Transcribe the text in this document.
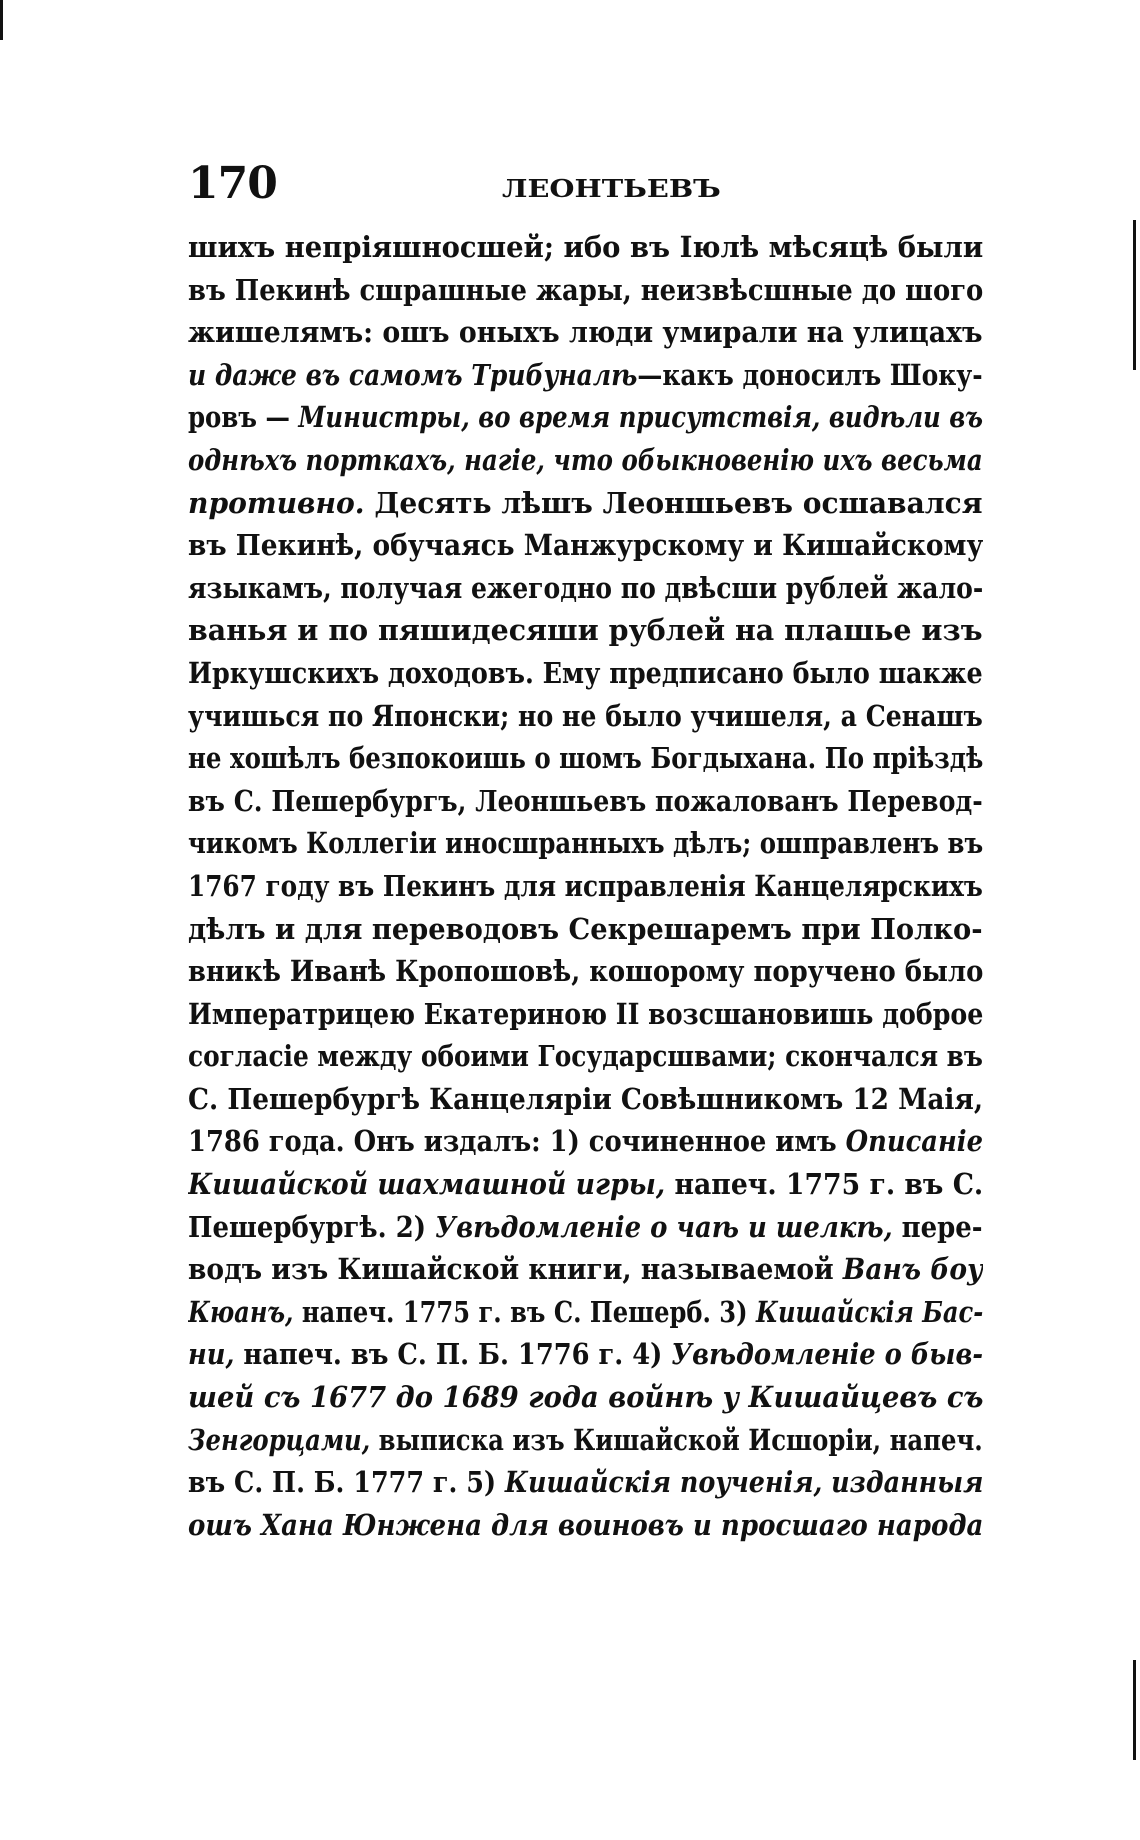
170	ЛЕОНТЬЕВЪ
шихъ непріяшносшей; ибо въ Іюлѣ мѣсяцѣ были
въ Пекинѣ сшрашные жары, неизвѣсшные до шого
жишелямъ: ошъ оныхъ люди умирали на улицахъ
и даже въ самомъ Трибуналѣ—какъ доносилъ Шоку-
ровъ — Министры, во время присутствія, видѣли въ
однѣхъ порткахъ, нагіе, что обыкновенію ихъ весьма
противно. Десять лѣшъ Леоншьевъ осшавался
въ Пекинѣ, обучаясь Манжурскому и Кишайскому
языкамъ, получая ежегодно по двѣсши рублей жало-
ванья и по пяшидесяши рублей на плашье изъ
Иркушскихъ доходовъ. Ему предписано было шакже
учишься по Японски; но не было учишеля, а Сенашъ
не хошѣлъ безпокоишь о шомъ Богдыхана. По пріѣздѣ
въ С. Пешербургъ, Леоншьевъ пожалованъ Перевод-
чикомъ Коллегіи иносшранныхъ дѣлъ; ошправленъ въ
1767 году въ Пекинъ для исправленія Канцелярскихъ
дѣлъ и для переводовъ Секрешаремъ при Полко-
вникѣ Иванѣ Кропошовѣ, кошорому поручено было
Императрицею Екатериною II возсшановишь доброе
согласіе между обоими Государсшвами; скончался въ
С. Пешербургѣ Канцеляріи Совѣшникомъ 12 Маія,
1786 года. Онъ издалъ: 1) сочиненное имъ Описаніе
Кишайской шахмашной игры, напеч. 1775 г. въ С.
Пешербургѣ. 2) Увѣдомленіе о чаѣ и шелкѣ, пере-
водъ изъ Кишайской книги, называемой Ванъ боу
Кюанъ, напеч. 1775 г. въ С. Пешерб. 3) Кишайскія Бас-
ни, напеч. въ С. П. Б. 1776 г. 4) Увѣдомленіе о быв-
шей съ 1677 до 1689 года войнѣ у Кишайцевъ съ
Зенгорцами, выписка изъ Кишайской Исшоріи, напеч.
въ С. П. Б. 1777 г. 5) Кишайскія поученія, изданныя
ошъ Хана Юнжена для воиновъ и просшаго народа
